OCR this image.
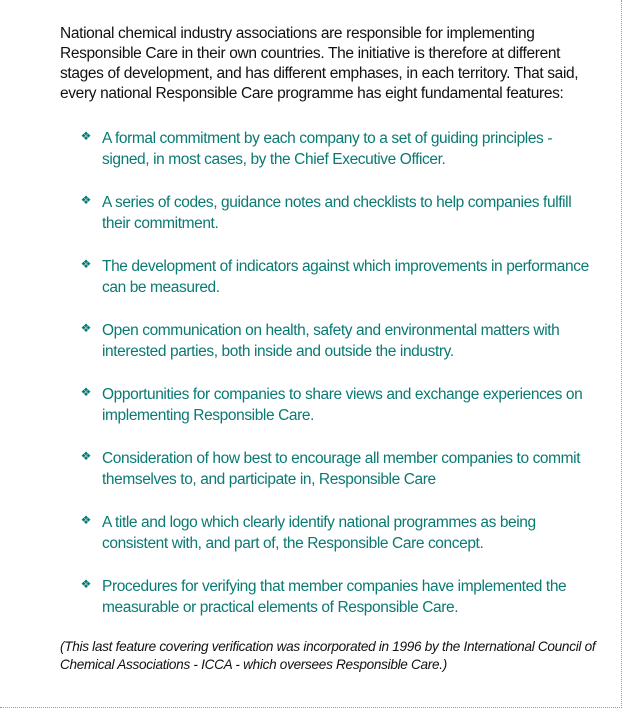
National chemical industry associations are responsible for implementing Responsible Care in their own countries. The initiative is therefore at different stages of development, and has different emphases, in each territory. That said, every national Responsible Care programme has eight fundamental features:

❖ A formal commitment by each company to a set of guiding principles - signed, in most cases, by the Chief Executive Officer.
❖ A series of codes, guidance notes and checklists to help companies fulfill their commitment.
❖ The development of indicators against which improvements in performance can be measured.
❖ Open communication on health, safety and environmental matters with interested parties, both inside and outside the industry.
❖ Opportunities for companies to share views and exchange experiences on implementing Responsible Care.
❖ Consideration of how best to encourage all member companies to commit themselves to, and participate in, Responsible Care
❖ A title and logo which clearly identify national programmes as being consistent with, and part of, the Responsible Care concept.
❖ Procedures for verifying that member companies have implemented the measurable or practical elements of Responsible Care.

(This last feature covering verification was incorporated in 1996 by the International Council of Chemical Associations - ICCA - which oversees Responsible Care.)
